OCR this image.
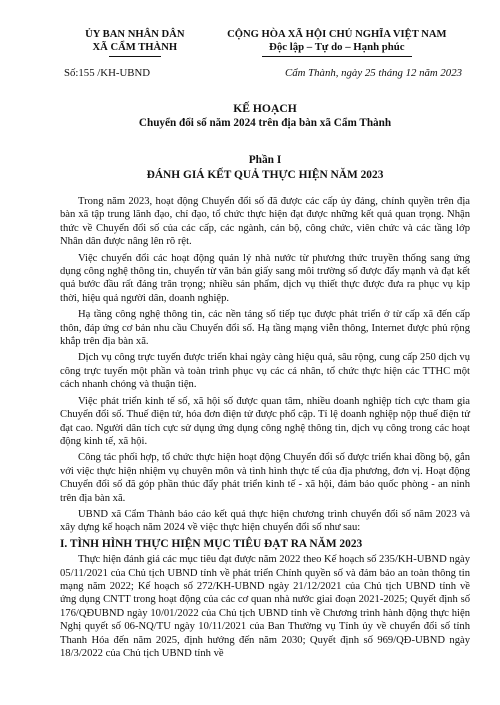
ỦY BAN NHÂN DÂN
XÃ CẨM THÀNH
CỘNG HÒA XÃ HỘI CHỦ NGHĨA VIỆT NAM
Độc lập – Tự do – Hạnh phúc
Số:155 /KH-UBND	Cẩm Thành, ngày 25 tháng 12 năm 2023
KẾ HOẠCH
Chuyển đổi số năm 2024 trên địa bàn xã Cẩm Thành
Phần I
ĐÁNH GIÁ KẾT QUẢ THỰC HIỆN NĂM 2023

Trong năm 2023, hoạt động Chuyển đổi số đã được các cấp ủy đảng, chính quyền trên địa bàn xã tập trung lãnh đạo, chỉ đạo, tổ chức thực hiện đạt được những kết quả quan trọng. Nhận thức về Chuyển đổi số của các cấp, các ngành, cán bộ, công chức, viên chức và các tầng lớp Nhân dân được nâng lên rõ rệt.

Việc chuyển đổi các hoạt động quản lý nhà nước từ phương thức truyền thống sang ứng dụng công nghệ thông tin, chuyển từ văn bản giấy sang môi trường số được đẩy mạnh và đạt kết quả bước đầu rất đáng trân trọng; nhiều sản phẩm, dịch vụ thiết thực được đưa ra phục vụ kịp thời, hiệu quả người dân, doanh nghiệp.

Hạ tầng công nghệ thông tin, các nền tảng số tiếp tục được phát triển ở từ cấp xã đến cấp thôn, đáp ứng cơ bản nhu cầu Chuyển đổi số. Hạ tầng mạng viễn thông, Internet được phủ rộng khắp trên địa bàn xã.

Dịch vụ công trực tuyến được triển khai ngày càng hiệu quả, sâu rộng, cung cấp 250 dịch vụ công trực tuyến một phần và toàn trình phục vụ các cá nhân, tổ chức thực hiện các TTHC một cách nhanh chóng và thuận tiện.

Việc phát triển kinh tế số, xã hội số được quan tâm, nhiều doanh nghiệp tích cực tham gia Chuyển đổi số. Thuế điện tử, hóa đơn điện tử được phổ cập. Tỉ lệ doanh nghiệp nộp thuế điện tử đạt cao. Người dân tích cực sử dụng ứng dụng công nghệ thông tin, dịch vụ công trong các hoạt động kinh tế, xã hội.

Công tác phối hợp, tổ chức thực hiện hoạt động Chuyển đổi số được triển khai đồng bộ, gắn với việc thực hiện nhiệm vụ chuyên môn và tình hình thực tế của địa phương, đơn vị. Hoạt động Chuyển đổi số đã góp phần thúc đẩy phát triển kinh tế - xã hội, đảm bảo quốc phòng - an ninh trên địa bàn xã.

UBND xã Cẩm Thành báo cáo kết quả thực hiện chương trình chuyển đổi số năm 2023 và xây dựng kế hoạch năm 2024 về việc thực hiện chuyển đổi số như sau:

I. TÌNH HÌNH THỰC HIỆN MỤC TIÊU ĐẠT RA NĂM 2023

Thực hiện đánh giá các mục tiêu đạt được năm 2022 theo Kế hoạch số 235/KH-UBND ngày 05/11/2021 của Chủ tịch UBND tỉnh về phát triển Chính quyền số và đảm bảo an toàn thông tin mạng năm 2022; Kế hoạch số 272/KH-UBND ngày 21/12/2021 của Chủ tịch UBND tỉnh về ứng dụng CNTT trong hoạt động của các cơ quan nhà nước giai đoạn 2021-2025; Quyết định số 176/QĐUBND ngày 10/01/2022 của Chủ tịch UBND tỉnh về Chương trình hành động thực hiện Nghị quyết số 06-NQ/TU ngày 10/11/2021 của Ban Thường vụ Tỉnh ủy về chuyển đổi số tỉnh Thanh Hóa đến năm 2025, định hướng đến năm 2030; Quyết định số 969/QĐ-UBND ngày 18/3/2022 của Chủ tịch UBND tỉnh về
